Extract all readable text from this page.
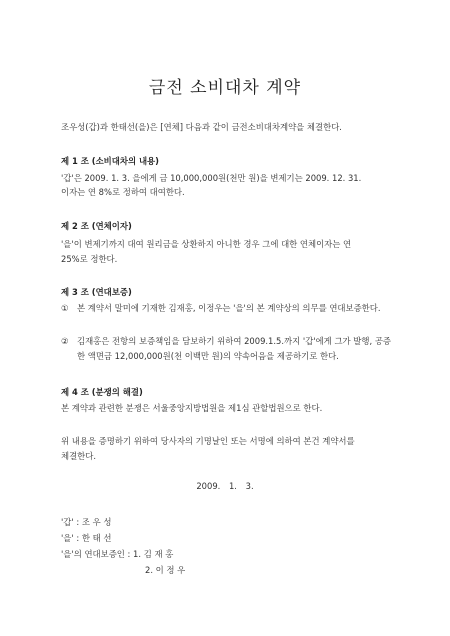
금전 소비대차 계약
조우성(갑)과 한태선(을)은 [연체] 다음과 같이 금전소비대차계약을 체결한다.
제 1 조 (소비대차의 내용)
'갑'은 2009. 1. 3. 을에게 금 10,000,000원(천만 원)을 변제기는 2009. 12. 31.
이자는 연 8%로 정하여 대여한다.
제 2 조 (연체이자)
'을'이 변제기까지 대여 원리금을 상환하지 아니한 경우 그에 대한 연체이자는 연
25%로 정한다.
제 3 조 (연대보증)
① 본 계약서 말미에 기재한 김재홍, 이정우는 '을'의 본 계약상의 의무를 연대보증한다.
② 김재홍은 전항의 보증책임을 담보하기 위하여 2009.1.5.까지 '갑'에게 그가 발행, 공증한 액면금 12,000,000원(천 이백만 원)의 약속어음을 제공하기로 한다.
제 4 조 (분쟁의 해결)
본 계약과 관련한 분쟁은 서울중앙지방법원을 제1심 관할법원으로 한다.
위 내용을 증명하기 위하여 당사자의 기명날인 또는 서명에 의하여 본건 계약서를
체결한다.
2009. 1. 3.
'갑' : 조 우 성
'을' : 한 태 선
'을'의 연대보증인 : 1. 김 재 홍
2. 이 정 우
